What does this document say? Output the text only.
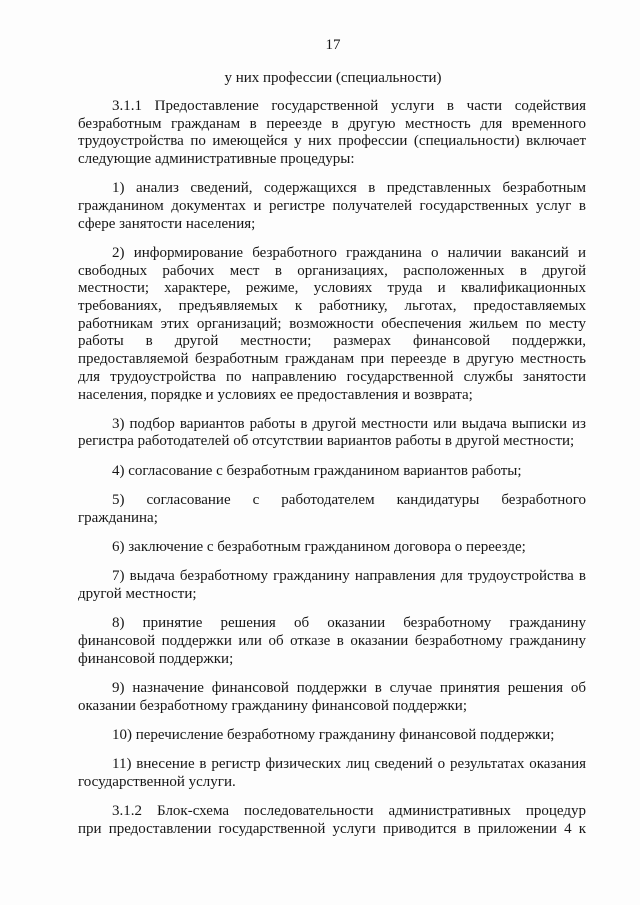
17
у них профессии (специальности)
3.1.1 Предоставление государственной услуги в части содействия
безработным гражданам в переезде в другую местность для временного
трудоустройства по имеющейся у них профессии (специальности) включает
следующие административные процедуры:
1) анализ сведений, содержащихся в представленных безработным
гражданином документах и регистре получателей государственных услуг в
сфере занятости населения;
2) информирование безработного гражданина о наличии вакансий и
свободных рабочих мест в организациях, расположенных в другой
местности; характере, режиме, условиях труда и квалификационных
требованиях, предъявляемых к работнику, льготах, предоставляемых
работникам этих организаций; возможности обеспечения жильем по месту
работы в другой местности; размерах финансовой поддержки,
предоставляемой безработным гражданам при переезде в другую местность
для трудоустройства по направлению государственной службы занятости
населения, порядке и условиях ее предоставления и возврата;
3) подбор вариантов работы в другой местности или выдача выписки из
регистра работодателей об отсутствии вариантов работы в другой местности;
4) согласование с безработным гражданином вариантов работы;
5) согласование с работодателем кандидатуры безработного
гражданина;
6) заключение с безработным гражданином договора о переезде;
7) выдача безработному гражданину направления для трудоустройства в
другой местности;
8) принятие решения об оказании безработному гражданину
финансовой поддержки или об отказе в оказании безработному гражданину
финансовой поддержки;
9) назначение финансовой поддержки в случае принятия решения об
оказании безработному гражданину финансовой поддержки;
10) перечисление безработному гражданину финансовой поддержки;
11) внесение в регистр физических лиц сведений о результатах оказания
государственной услуги.
3.1.2 Блок-схема последовательности административных процедур
при предоставлении государственной услуги приводится в приложении 4 к
